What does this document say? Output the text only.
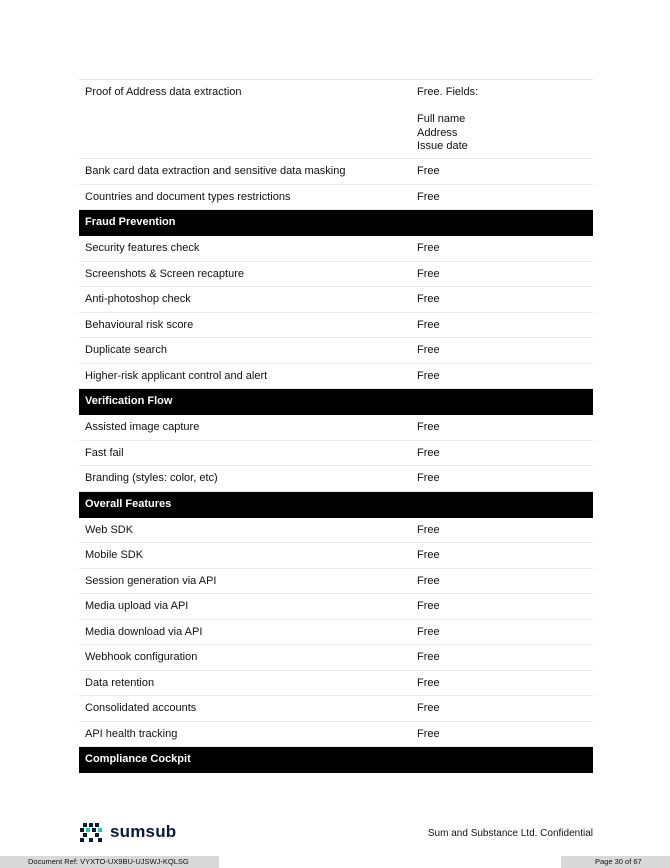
Proof of Address data extraction	Free. Fields:
Full name
Address
Issue date
Bank card data extraction and sensitive data masking	Free
Countries and document types restrictions	Free
Fraud Prevention
Security features check	Free
Screenshots & Screen recapture	Free
Anti-photoshop check	Free
Behavioural risk score	Free
Duplicate search	Free
Higher-risk applicant control and alert	Free
Verification Flow
Assisted image capture	Free
Fast fail	Free
Branding (styles: color, etc)	Free
Overall Features
Web SDK	Free
Mobile SDK	Free
Session generation via API	Free
Media upload via API	Free
Media download via API	Free
Webhook configuration	Free
Data retention	Free
Consolidated accounts	Free
API health tracking	Free
Compliance Cockpit
sumsub	Sum and Substance Ltd. Confidential
Document Ref: VYXTO-UX9BU-UJSWJ-KQLSG	Page 30 of 67
